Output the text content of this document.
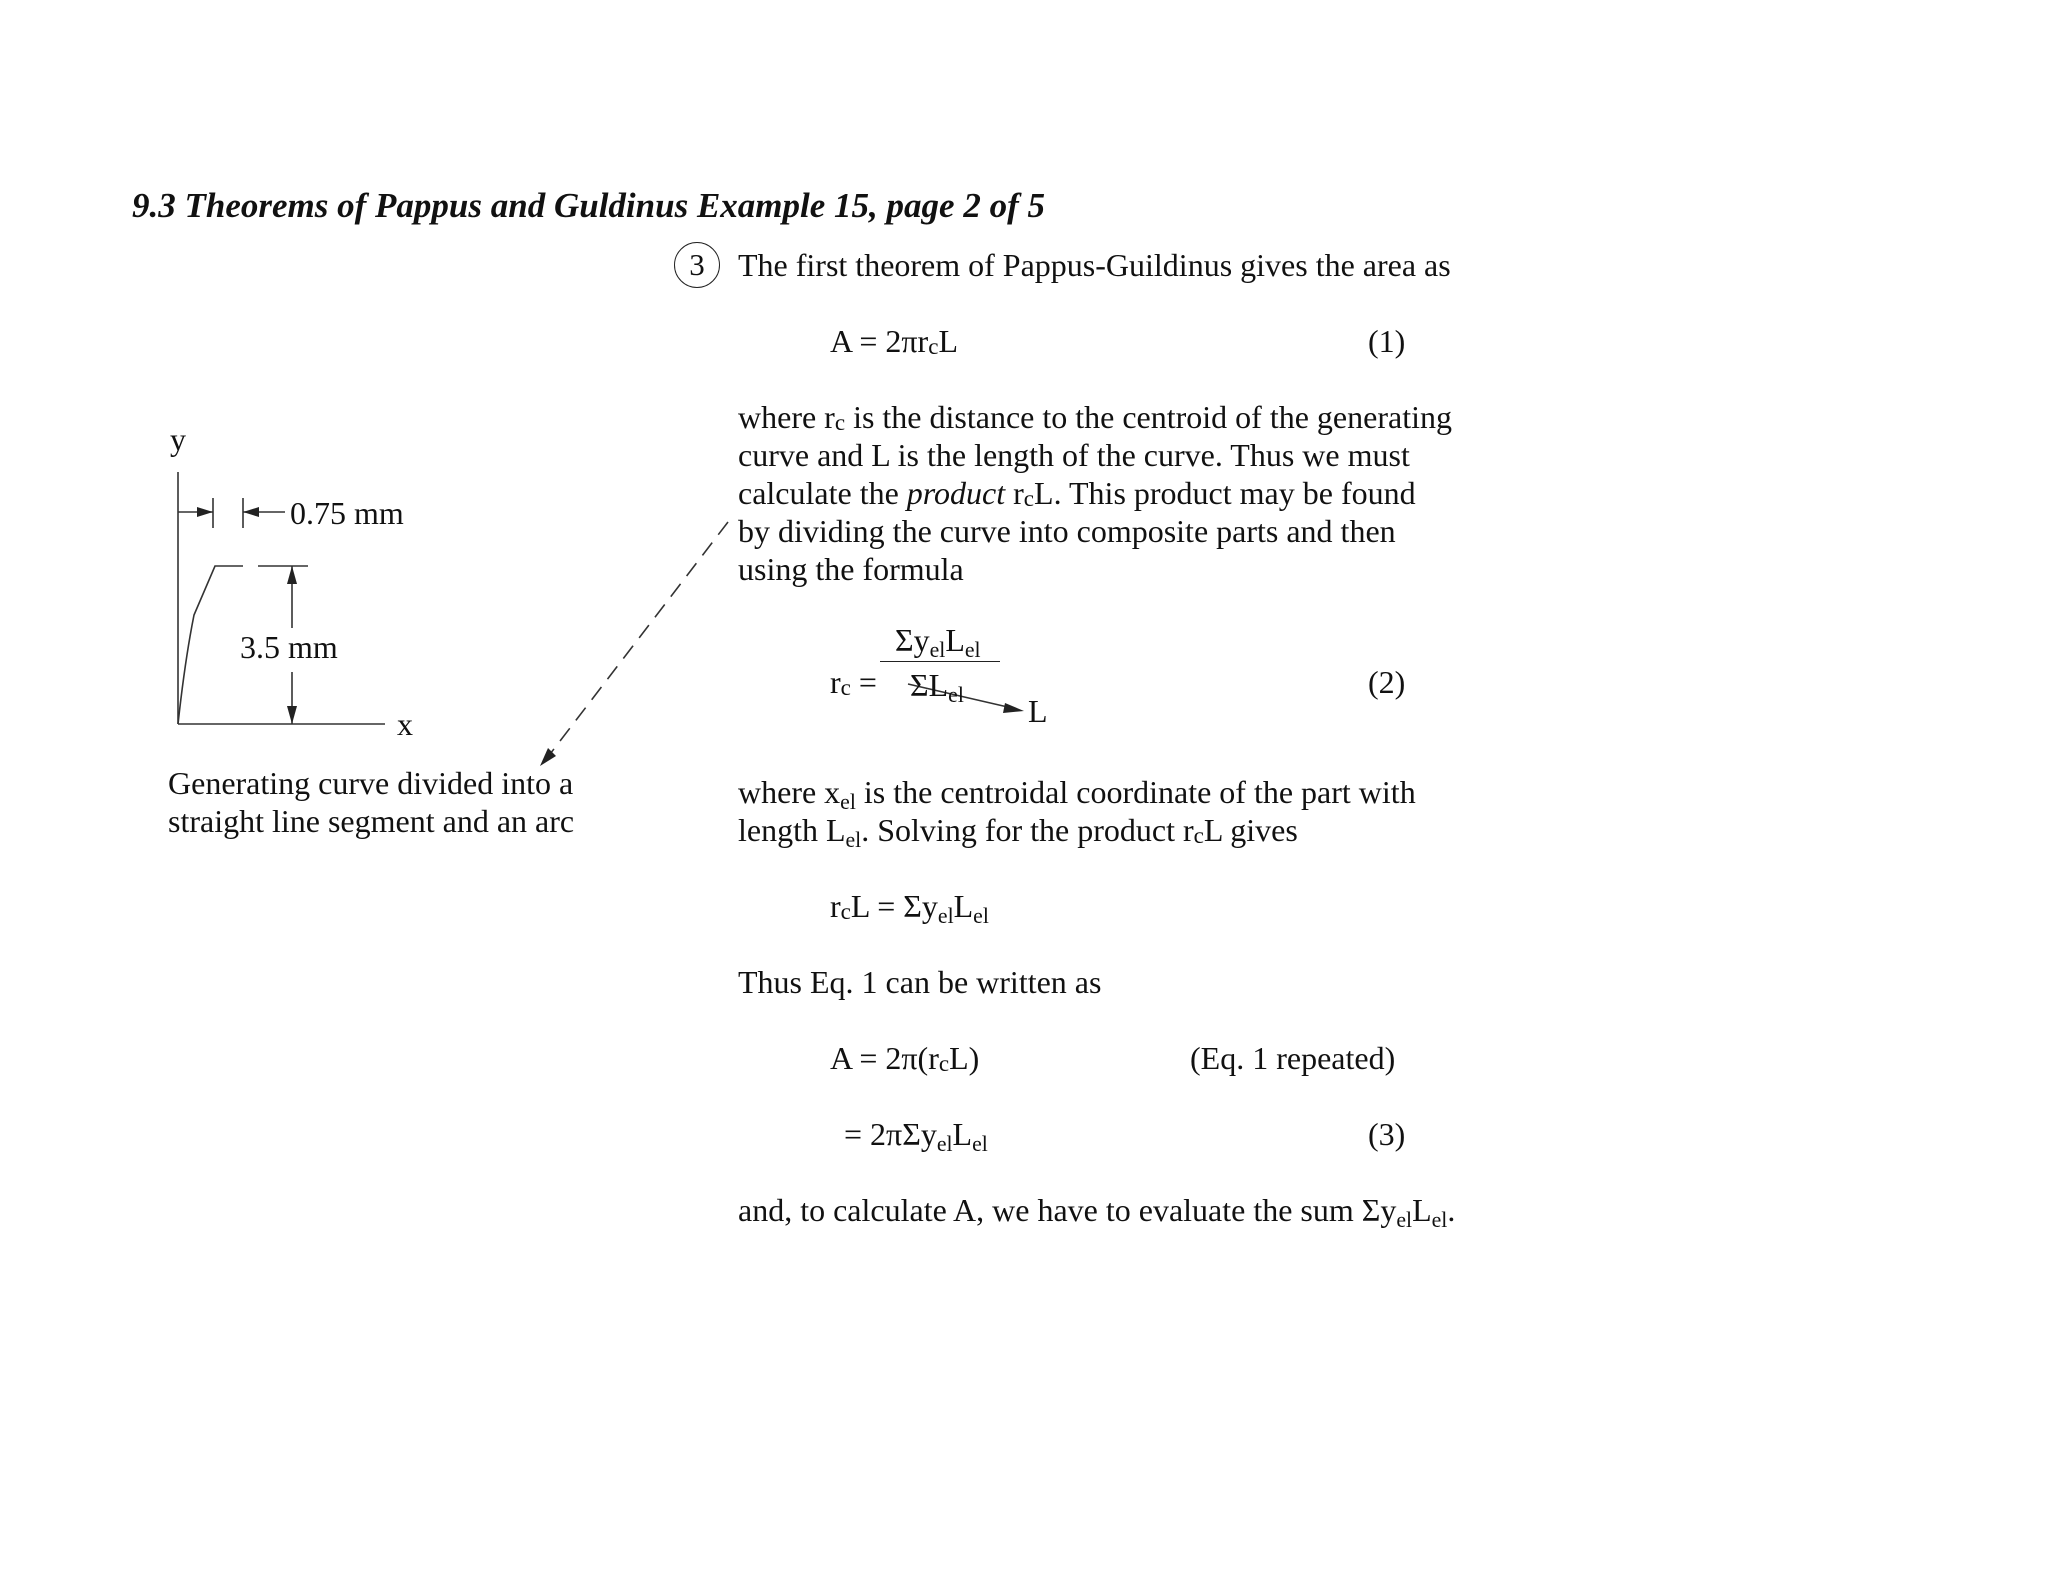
9.3 Theorems of Pappus and Guldinus Example 15, page 2 of 5
y
x
0.75 mm
3.5 mm
Generating curve divided into a
straight line segment and an arc
3	The first theorem of Pappus-Guildinus gives the area as
A = 2πrcL	(1)
where rc is the distance to the centroid of the generating
curve and L is the length of the curve. Thus we must
calculate the product rcL. This product may be found
by dividing the curve into composite parts and then
using the formula
rc =
$\Sigma y_{el}L_{el}$
$\Sigma L_{el}$ L
(2)
where $x_{el}$ is the centroidal coordinate of the part with
length $L_{el}$. Solving for the product rcL gives
rcL = $\Sigma y_{el}L_{el}$
Thus Eq. 1 can be written as
A = 2π(rcL)	(Eq. 1 repeated)
= $2\pi\Sigma y_{el}L_{el}$	(3)
and, to calculate A, we have to evaluate the sum $\Sigma y_{el}L_{el}$.
